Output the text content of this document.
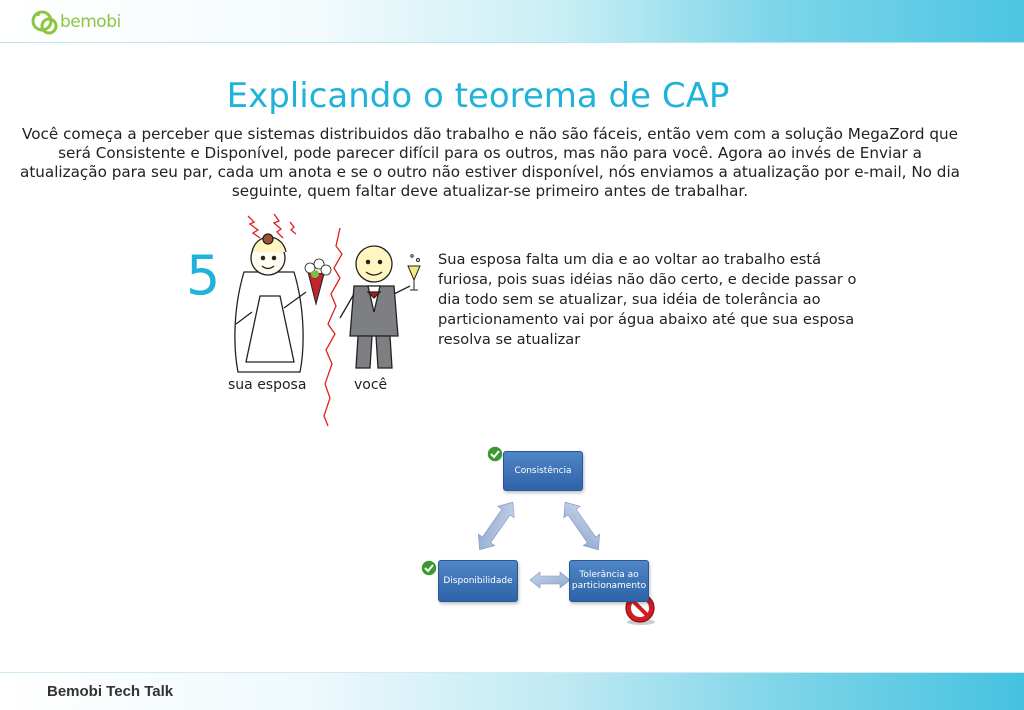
bemobi
Explicando o teorema de CAP
Você começa a perceber que sistemas distribuidos dão trabalho e não são fáceis, então vem com a solução MegaZord que será Consistente e Disponível, pode parecer difícil para os outros, mas não para você. Agora ao invés de Enviar a atualização para seu par, cada um anota e se o outro não estiver disponível, nós enviamos a atualização por e-mail, No dia seguinte, quem faltar deve atualizar-se primeiro antes de trabalhar.
5
sua esposa	você
Sua esposa falta um dia e ao voltar ao trabalho está furiosa, pois suas idéias não dão certo, e decide passar o dia todo sem se atualizar, sua idéia de tolerância ao particionamento vai por água abaixo até que sua esposa resolva se atualizar
Consistência
Disponibilidade
Tolerância ao particionamento
Bemobi Tech Talk
